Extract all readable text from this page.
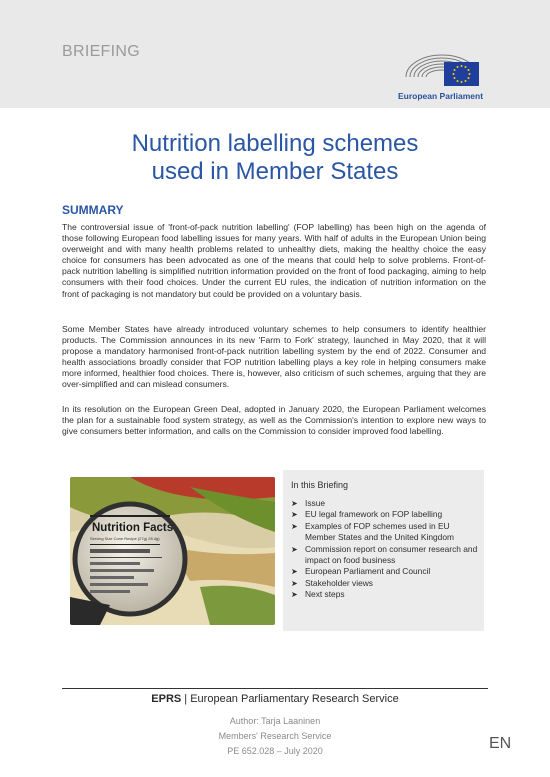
BRIEFING
European Parliament
Nutrition labelling schemes
used in Member States
SUMMARY

The controversial issue of 'front-of-pack nutrition labelling' (FOP labelling) has been high on the agenda of those following European food labelling issues for many years. With half of adults in the European Union being overweight and with many health problems related to unhealthy diets, making the healthy choice the easy choice for consumers has been advocated as one of the means that could help to solve problems. Front-of-pack nutrition labelling is simplified nutrition information provided on the front of food packaging, aiming to help consumers with their food choices. Under the current EU rules, the indication of nutrition information on the front of packaging is not mandatory but could be provided on a voluntary basis.

Some Member States have already introduced voluntary schemes to help consumers to identify healthier products. The Commission announces in its new 'Farm to Fork' strategy, launched in May 2020, that it will propose a mandatory harmonised front-of-pack nutrition labelling system by the end of 2022. Consumer and health associations broadly consider that FOP nutrition labelling plays a key role in helping consumers make more informed, healthier food choices. There is, however, also criticism of such schemes, arguing that they are over-simplified and can mislead consumers.

In its resolution on the European Green Deal, adopted in January 2020, the European Parliament welcomes the plan for a sustainable food system strategy, as well as the Commission's intention to explore new ways to give consumers better information, and calls on the Commission to consider improved food labelling.

Nutrition Facts
Serving Size Cone Recipe (27g) 28.4g)
In this Briefing
➤ Issue
➤ EU legal framework on FOP labelling
➤ Examples of FOP schemes used in EU Member States and the United Kingdom
➤ Commission report on consumer research and impact on food business
➤ European Parliament and Council
➤ Stakeholder views
➤ Next steps
EPRS | European Parliamentary Research Service
Author: Tarja Laaninen
Members' Research Service
PE 652.028 – July 2020	EN
